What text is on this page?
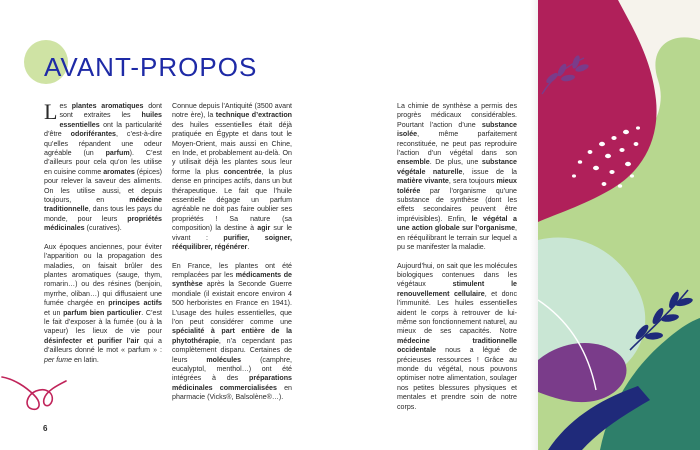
AVANT-PROPOS

Les plantes aromatiques dont sont extraites les huiles essentielles ont la particularité d’être odoriférantes, c’est-à-dire qu’elles répandent une odeur agréable (un parfum). C’est d’ailleurs pour cela qu’on les utilise en cuisine comme aromates (épices) pour relever la saveur des aliments. On les utilise aussi, et depuis toujours, en médecine traditionnelle, dans tous les pays du monde, pour leurs propriétés médicinales (curatives).

Aux époques anciennes, pour éviter l’apparition ou la propagation des maladies, on faisait brûler des plantes aromatiques (sauge, thym, romarin…) ou des résines (benjoin, myrrhe, oliban…) qui diffusaient une fumée chargée en principes actifs et un parfum bien particulier. C’est le fait d’exposer à la fumée (ou à la vapeur) les lieux de vie pour désinfecter et purifier l’air qui a d’ailleurs donné le mot « parfum » : per fume en latin.

Connue depuis l’Antiquité (3500 avant notre ère), la technique d’extraction des huiles essentielles était déjà pratiquée en Égypte et dans tout le Moyen-Orient, mais aussi en Chine, en Inde, et probablement au-delà. On y utilisait déjà les plantes sous leur forme la plus concentrée, la plus dense en principes actifs, dans un but thérapeutique. Le fait que l’huile essentielle dégage un parfum agréable ne doit pas faire oublier ses propriétés ! Sa nature (sa composition) la destine à agir sur le vivant : purifier, soigner, rééquilibrer, régénérer.

En France, les plantes ont été remplacées par les médicaments de synthèse après la Seconde Guerre mondiale (il existait encore environ 4 500 herboristes en France en 1941). L’usage des huiles essentielles, que l’on peut considérer comme une spécialité à part entière de la phytothérapie, n’a cependant pas complètement disparu. Certaines de leurs molécules (camphre, eucalyptol, menthol…) ont été intégrées à des préparations médicinales commercialisées en pharmacie (Vicks®, Balsolène®…).

La chimie de synthèse a permis des progrès médicaux considérables. Pourtant l’action d’une substance isolée, même parfaitement reconstituée, ne peut pas reproduire l’action d’un végétal dans son ensemble. De plus, une substance végétale naturelle, issue de la matière vivante, sera toujours mieux tolérée par l’organisme qu’une substance de synthèse (dont les effets secondaires peuvent être imprévisibles). Enfin, le végétal a une action globale sur l’organisme, en rééquilibrant le terrain sur lequel a pu se manifester la maladie.

Aujourd’hui, on sait que les molécules biologiques contenues dans les végétaux stimulent le renouvellement cellulaire, et donc l’immunité. Les huiles essentielles aident le corps à retrouver de lui-même son fonctionnement naturel, au mieux de ses capacités. Notre médecine traditionnelle occidentale nous a légué de précieuses ressources ! Grâce au monde du végétal, nous pouvons optimiser notre alimentation, soulager nos petites blessures physiques et mentales et prendre soin de notre corps.

6
